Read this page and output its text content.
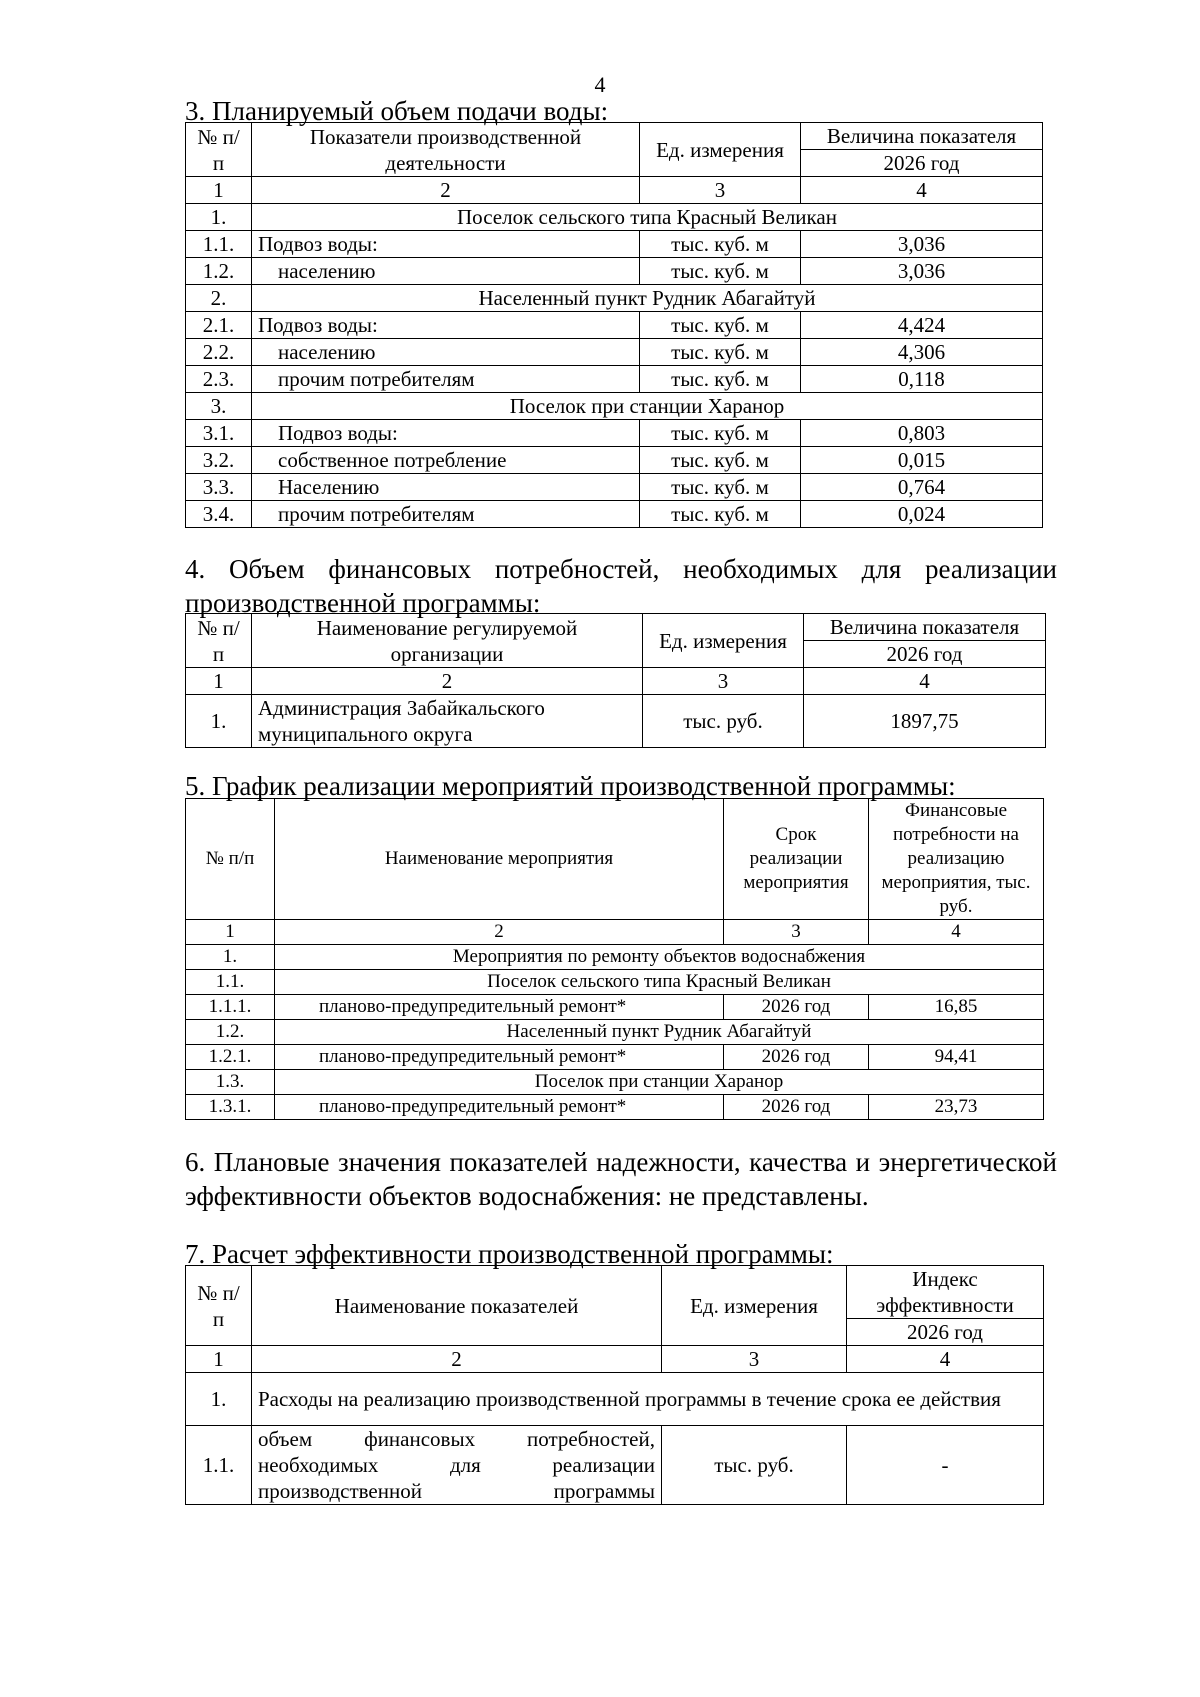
4

3. Планируемый объем подачи воды:

№ п/п	Показатели производственной деятельности	Ед. измерения	Величина показателя
			2026 год
1	2	3	4
1.	Поселок сельского типа Красный Великан		
1.1.	Подвоз воды:	тыс. куб. м	3,036
1.2.	населению	тыс. куб. м	3,036
2.	Населенный пункт Рудник Абагайтуй		
2.1.	Подвоз воды:	тыс. куб. м	4,424
2.2.	населению	тыс. куб. м	4,306
2.3.	прочим потребителям	тыс. куб. м	0,118
3.	Поселок при станции Харанор		
3.1.	Подвоз воды:	тыс. куб. м	0,803
3.2.	собственное потребление	тыс. куб. м	0,015
3.3.	Населению	тыс. куб. м	0,764
3.4.	прочим потребителям	тыс. куб. м	0,024

4. Объем финансовых потребностей, необходимых для реализации производственной программы:

№ п/п	Наименование регулируемой организации	Ед. измерения	Величина показателя
			2026 год
1	2	3	4
1.	Администрация Забайкальского муниципального округа	тыс. руб.	1897,75

5. График реализации мероприятий производственной программы:

№ п/п	Наименование мероприятия	Срок реализации мероприятия	Финансовые потребности на реализацию мероприятия, тыс. руб.
1	2	3	4
1.	Мероприятия по ремонту объектов водоснабжения		
1.1.	Поселок сельского типа Красный Великан		
1.1.1.	планово-предупредительный ремонт*	2026 год	16,85
1.2.	Населенный пункт Рудник Абагайтуй		
1.2.1.	планово-предупредительный ремонт*	2026 год	94,41
1.3.	Поселок при станции Харанор		
1.3.1.	планово-предупредительный ремонт*	2026 год	23,73

6. Плановые значения показателей надежности, качества и энергетической эффективности объектов водоснабжения: не представлены.

7. Расчет эффективности производственной программы:

№ п/п	Наименование показателей	Ед. измерения	Индекс эффективности
			2026 год
1	2	3	4
1.	Расходы на реализацию производственной программы в течение срока ее действия		
1.1.	объем финансовых потребностей, необходимых для реализации производственной программы	тыс. руб.	-
